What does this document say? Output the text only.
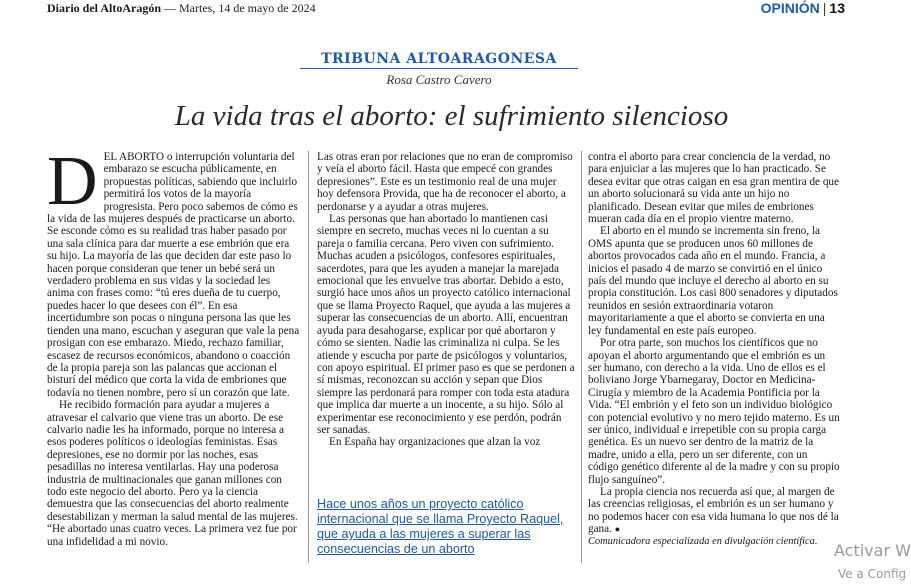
Diario del AltoAragón — Martes, 14 de mayo de 2024	OPINIÓN | 13
TRIBUNA ALTOARAGONESA
Rosa Castro Cavero
La vida tras el aborto: el sufrimiento silencioso
D EL ABORTO o interrupción voluntaria del embarazo se escucha públicamente, en propuestas políticas, sabiendo que incluirlo permitirá los votos de la mayoría progresista. Pero poco sabemos de cómo es la vida de las mujeres después de practicarse un aborto. Se esconde cómo es su realidad tras haber pasado por una sala clínica para dar muerte a ese embrión que era su hijo. La mayoría de las que deciden dar este paso lo hacen porque consideran que tener un bebé será un verdadero problema en sus vidas y la sociedad les anima con frases como: “tú eres dueña de tu cuerpo, puedes hacer lo que desees con él”. En esa incertidumbre son pocas o ninguna persona las que les tienden una mano, escuchan y aseguran que vale la pena prosigan con ese embarazo. Miedo, rechazo familiar, escasez de recursos económicos, abandono o coacción de la propia pareja son las palancas que accionan el bisturí del médico que corta la vida de embriones que todavía no tienen nombre, pero sí un corazón que late.

He recibido formación para ayudar a mujeres a atravesar el calvario que viene tras un aborto. De ese calvario nadie les ha informado, porque no interesa a esos poderes políticos o ideologías feministas. Esas depresiones, ese no dormir por las noches, esas pesadillas no interesa ventilarlas. Hay una poderosa industria de multinacionales que ganan millones con todo este negocio del aborto. Pero ya la ciencia demuestra que las consecuencias del aborto realmente desestabilizan y merman la salud mental de las mujeres. “He abortado unas cuatro veces. La primera vez fue por una infidelidad a mi novio.

Las otras eran por relaciones que no eran de compromiso y veía el aborto fácil. Hasta que empecé con grandes depresiones”. Este es un testimonio real de una mujer hoy defensora Provida, que ha de reconocer el aborto, a perdonarse y a ayudar a otras mujeres.

Las personas que han abortado lo mantienen casi siempre en secreto, muchas veces ni lo cuentan a su pareja o familia cercana. Pero viven con sufrimiento. Muchas acuden a psicólogos, confesores espirituales, sacerdotes, para que les ayuden a manejar la marejada emocional que les envuelve tras abortar. Debido a esto, surgió hace unos años un proyecto católico internacional que se llama Proyecto Raquel, que ayuda a las mujeres a superar las consecuencias de un aborto. Allí, encuentran ayuda para desahogarse, explicar por qué abortaron y cómo se sienten. Nadie las criminaliza ni culpa. Se les atiende y escucha por parte de psicólogos y voluntarios, con apoyo espiritual. El primer paso es que se perdonen a sí mismas, reconozcan su acción y sepan que Dios siempre las perdonará para romper con toda esta atadura que implica dar muerte a un inocente, a su hijo. Sólo al experimentar ese reconocimiento y ese perdón, podrán ser sanadas.

En España hay organizaciones que alzan la voz

Hace unos años un proyecto católico internacional que se llama Proyecto Raquel, que ayuda a las mujeres a superar las consecuencias de un aborto

contra el aborto para crear conciencia de la verdad, no para enjuiciar a las mujeres que lo han practicado. Se desea evitar que otras caigan en esa gran mentira de que un aborto solucionará su vida ante un hijo no planificado. Desean evitar que miles de embriones mueran cada día en el propio vientre materno.

El aborto en el mundo se incrementa sin freno, la OMS apunta que se producen unos 60 millones de abortos provocados cada año en el mundo. Francia, a inicios el pasado 4 de marzo se convirtió en el único país del mundo que incluye el derecho al aborto en su propia constitución. Los casi 800 senadores y diputados reunidos en sesión extraordinaria votaron mayoritariamente a que el aborto se convierta en una ley fundamental en este país europeo.

Por otra parte, son muchos los científicos que no apoyan el aborto argumentando que el embrión es un ser humano, con derecho a la vida. Uno de ellos es el boliviano Jorge Ybarnegaray, Doctor en Medicina-Cirugía y miembro de la Academia Pontificia por la Vida. “El embrión y el feto son un individuo biológico con potencial evolutivo y no mero tejido materno. Es un ser único, individual e irrepetible con su propia carga genética. Es un nuevo ser dentro de la matriz de la madre, unido a ella, pero un ser diferente, con un código genético diferente al de la madre y con su propio flujo sanguíneo”.

La propia ciencia nos recuerda así que, al margen de las creencias religiosas, el embrión es un ser humano y no podemos hacer con esa vida humana lo que nos dé la gana. ●

Comunicadora especializada en divulgación científica.	Activar W
Ve a Config
